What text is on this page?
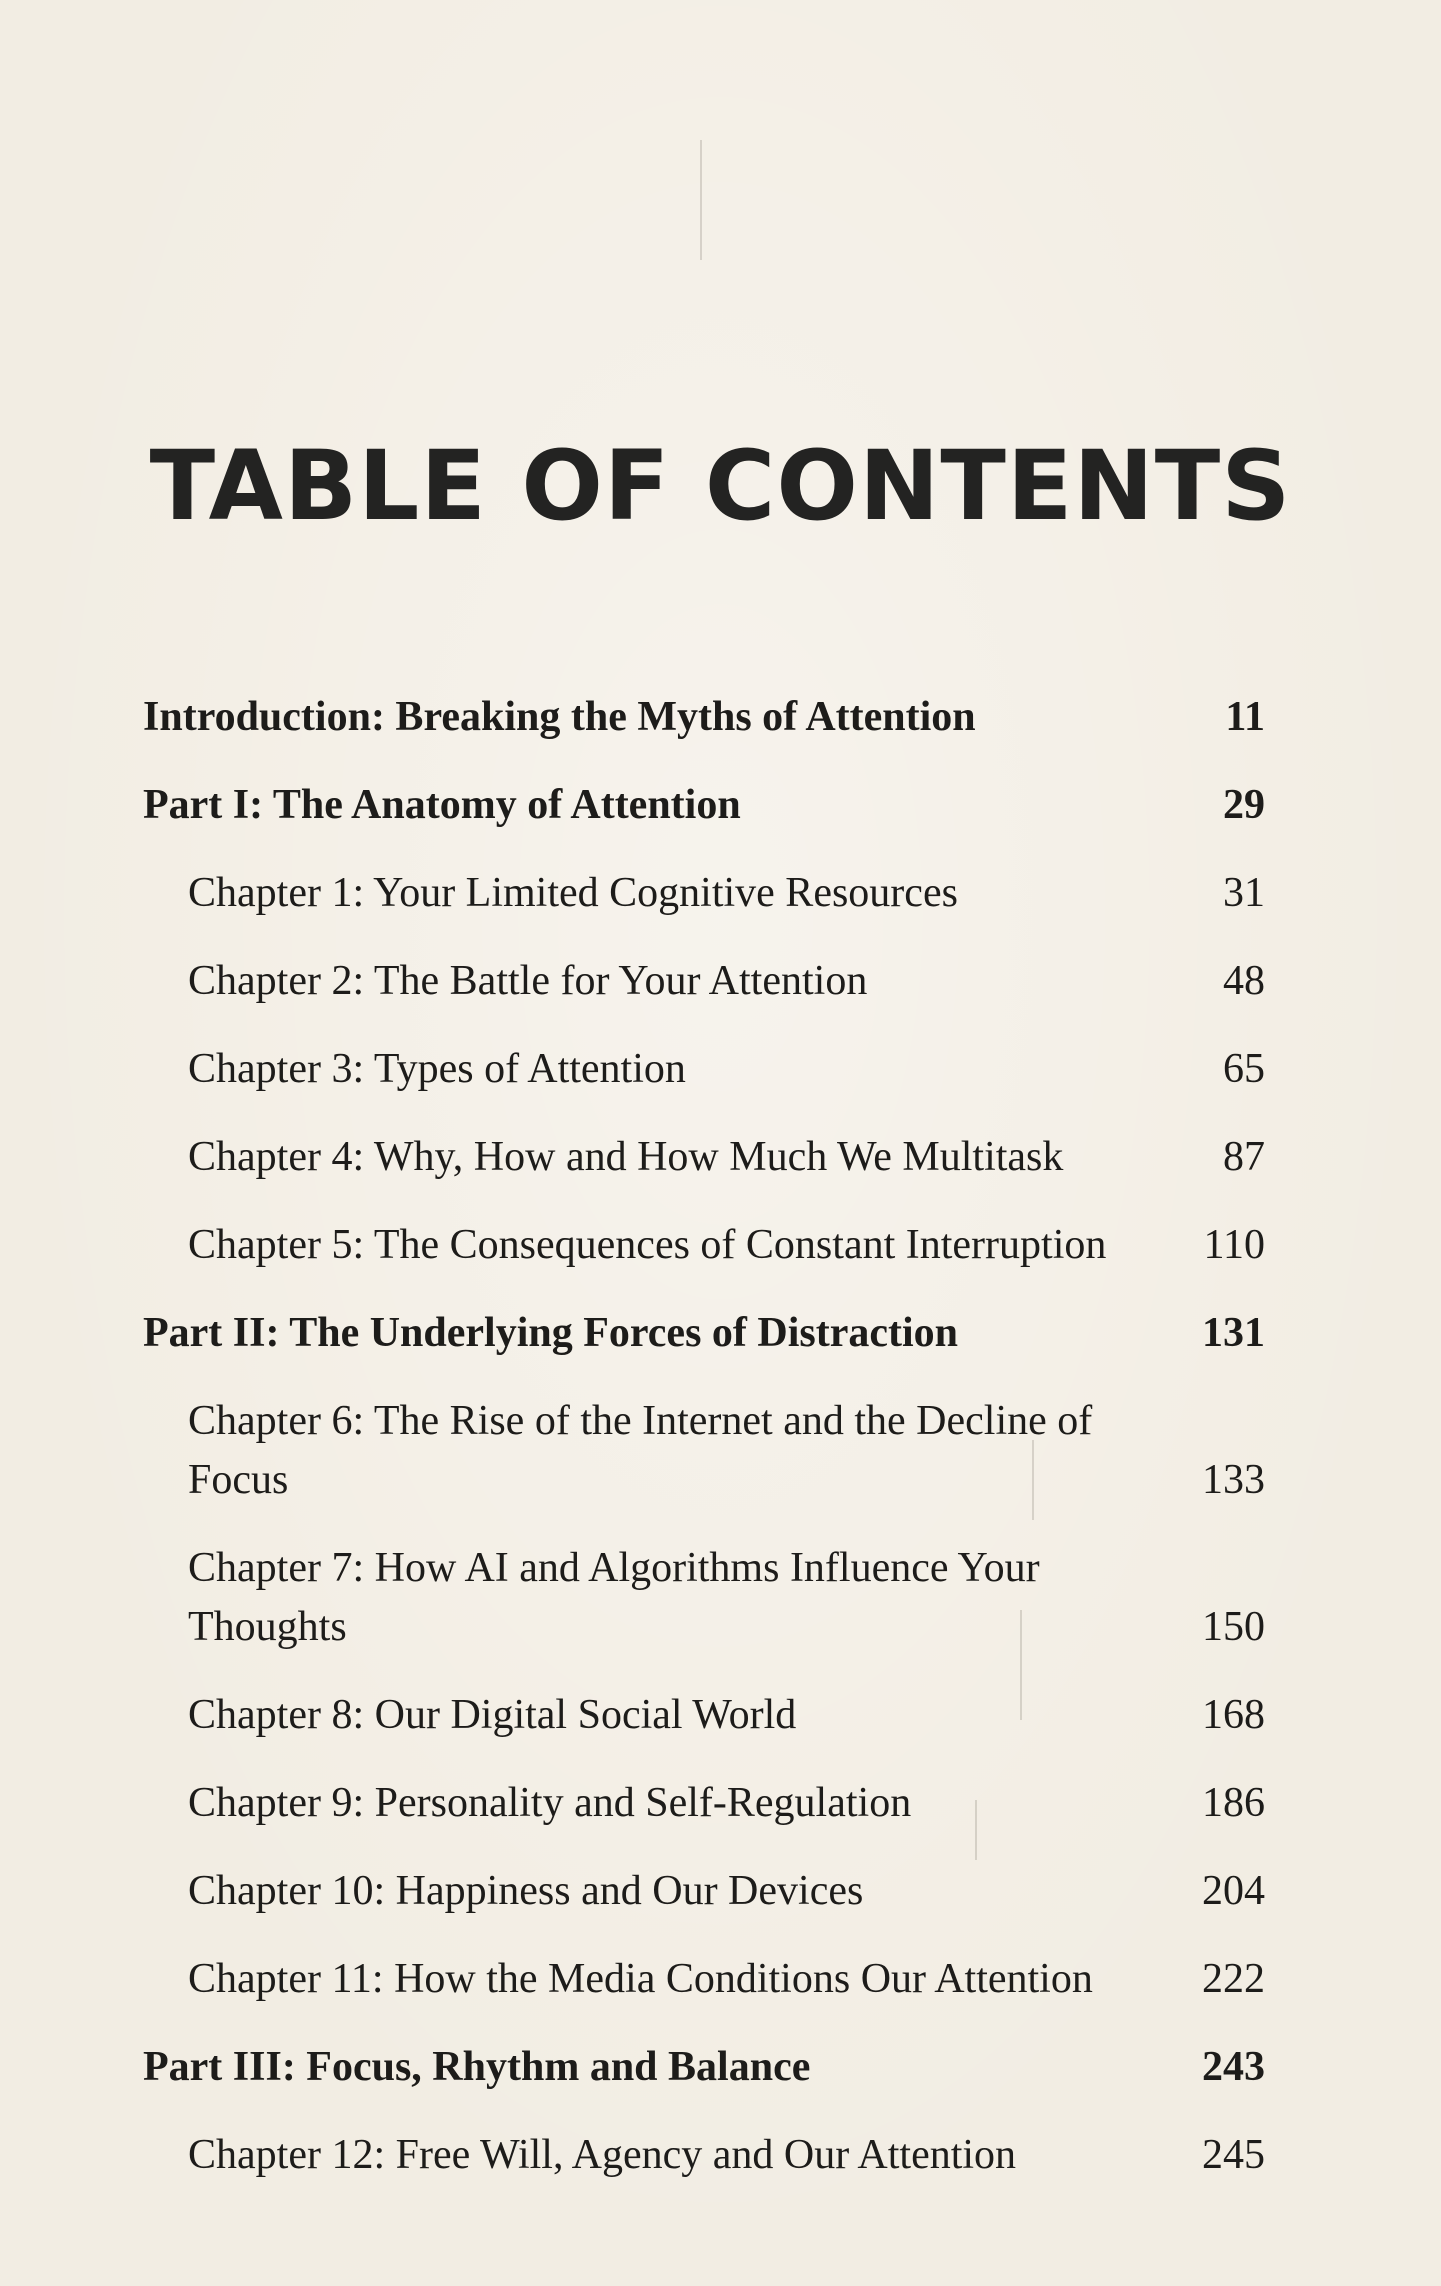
TABLE OF CONTENTS
Introduction: Breaking the Myths of Attention	11
Part I: The Anatomy of Attention	29
Chapter 1: Your Limited Cognitive Resources	31
Chapter 2: The Battle for Your Attention	48
Chapter 3: Types of Attention	65
Chapter 4: Why, How and How Much We Multitask	87
Chapter 5: The Consequences of Constant Interruption	110
Part II: The Underlying Forces of Distraction	131
Chapter 6: The Rise of the Internet and the Decline of Focus	133
Chapter 7: How AI and Algorithms Influence Your Thoughts	150
Chapter 8: Our Digital Social World	168
Chapter 9: Personality and Self-Regulation	186
Chapter 10: Happiness and Our Devices	204
Chapter 11: How the Media Conditions Our Attention	222
Part III: Focus, Rhythm and Balance	243
Chapter 12: Free Will, Agency and Our Attention	245
